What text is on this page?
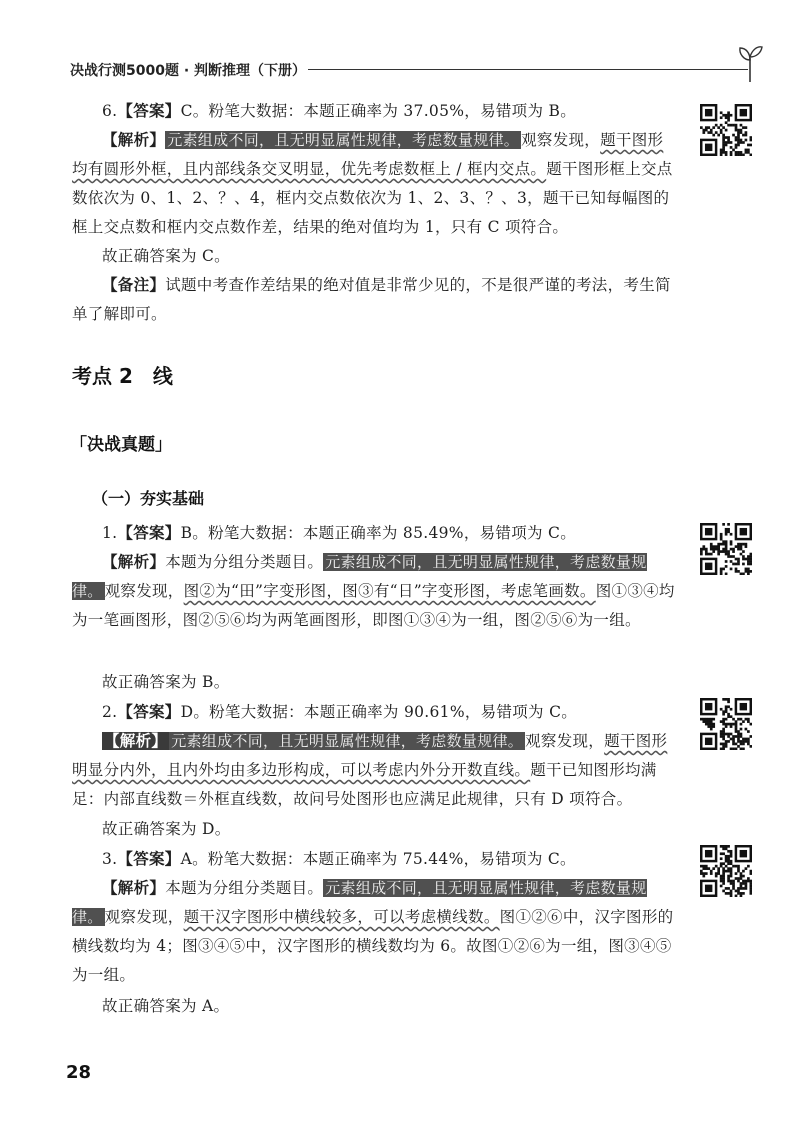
决战行测5000题 · 判断推理（下册）

6.【答案】C。粉笔大数据：本题正确率为 37.05%，易错项为 B。

【解析】 元素组成不同，且无明显属性规律，考虑数量规律。 观察发现，题干图形均有圆形外框，且内部线条交叉明显，优先考虑数框上 / 框内交点。题干图形框上交点数依次为 0、1、2、？、4，框内交点数依次为 1、2、3、？、3，题干已知每幅图的框上交点数和框内交点数作差，结果的绝对值均为 1，只有 C 项符合。

故正确答案为 C。

【备注】试题中考查作差结果的绝对值是非常少见的，不是很严谨的考法，考生简单了解即可。

考点 2　线
「决战真题」
（一）夯实基础

1.【答案】B。粉笔大数据：本题正确率为 85.49%，易错项为 C。

【解析】本题为分组分类题目。 元素组成不同，且无明显属性规律，考虑数量规律。 观察发现，图②为“田”字变形图，图③有“日”字变形图，考虑笔画数。图①③④均为一笔画图形，图②⑤⑥均为两笔画图形，即图①③④为一组，图②⑤⑥为一组。

故正确答案为 B。

2.【答案】D。粉笔大数据：本题正确率为 90.61%，易错项为 C。

【解析】 元素组成不同，且无明显属性规律，考虑数量规律。 观察发现，题干图形明显分内外，且内外均由多边形构成，可以考虑内外分开数直线。题干已知图形均满足：内部直线数＝外框直线数，故问号处图形也应满足此规律，只有 D 项符合。

故正确答案为 D。

3.【答案】A。粉笔大数据：本题正确率为 75.44%，易错项为 C。

【解析】本题为分组分类题目。 元素组成不同，且无明显属性规律，考虑数量规律。 观察发现，题干汉字图形中横线较多，可以考虑横线数。图①②⑥中，汉字图形的横线数均为 4；图③④⑤中，汉字图形的横线数均为 6。故图①②⑥为一组，图③④⑤为一组。

故正确答案为 A。

28
